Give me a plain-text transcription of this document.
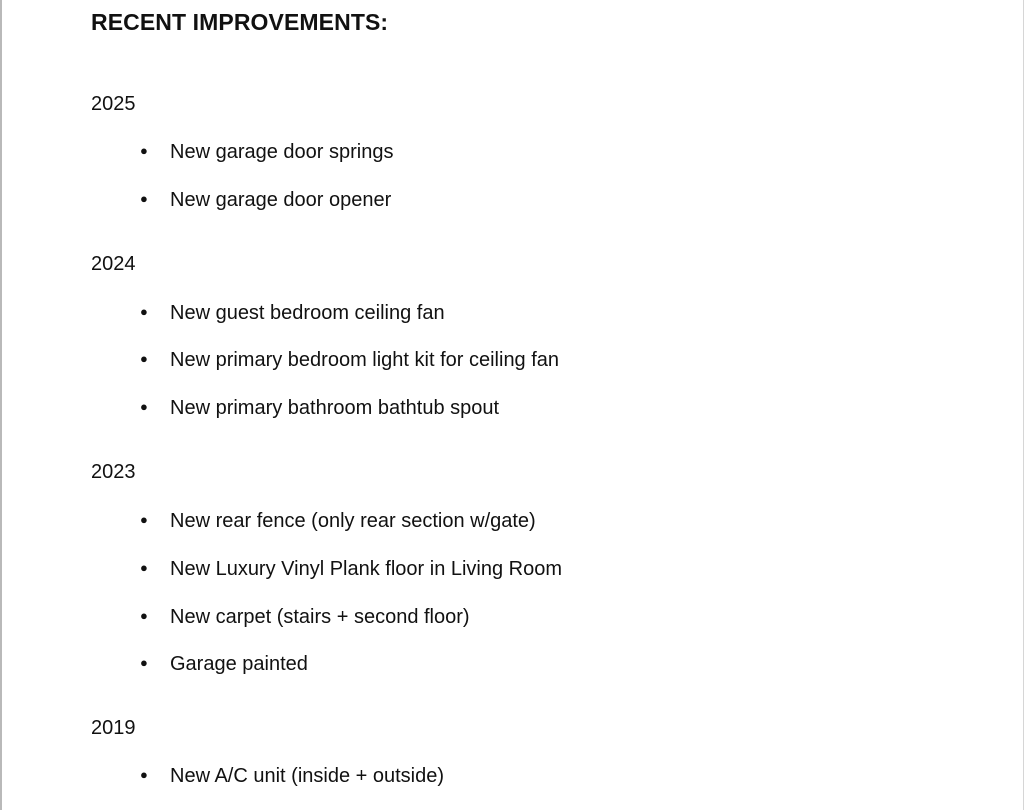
RECENT IMPROVEMENTS:
2025
● New garage door springs
● New garage door opener
2024
● New guest bedroom ceiling fan
● New primary bedroom light kit for ceiling fan
● New primary bathroom bathtub spout
2023
● New rear fence (only rear section w/gate)
● New Luxury Vinyl Plank floor in Living Room
● New carpet (stairs + second floor)
● Garage painted
2019
● New A/C unit (inside + outside)
